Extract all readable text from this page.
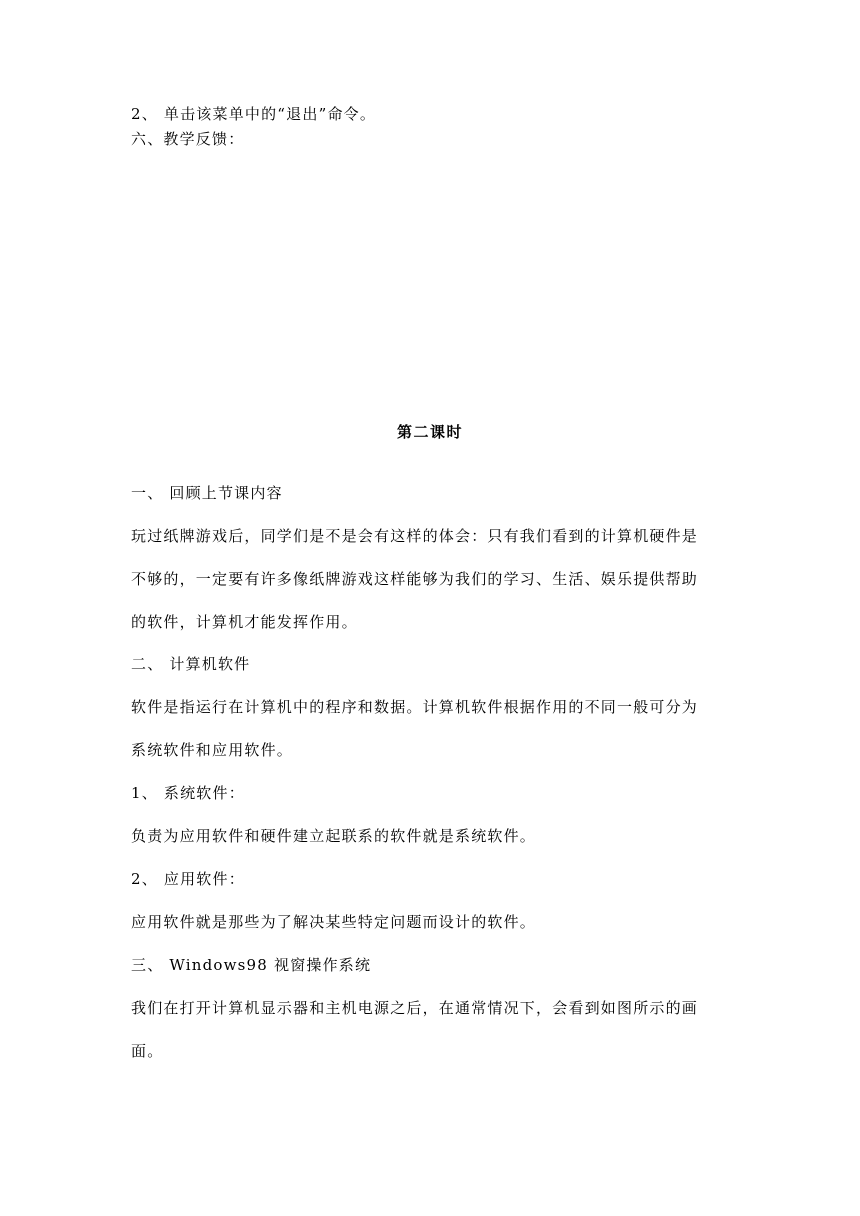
2、 单击该菜单中的“退出”命令。
六、教学反馈：
第二课时
一、 回顾上节课内容
玩过纸牌游戏后，同学们是不是会有这样的体会：只有我们看到的计算机硬件是
不够的，一定要有许多像纸牌游戏这样能够为我们的学习、生活、娱乐提供帮助
的软件，计算机才能发挥作用。
二、 计算机软件
软件是指运行在计算机中的程序和数据。计算机软件根据作用的不同一般可分为
系统软件和应用软件。
1、 系统软件：
负责为应用软件和硬件建立起联系的软件就是系统软件。
2、 应用软件：
应用软件就是那些为了解决某些特定问题而设计的软件。
三、 Windows98 视窗操作系统
我们在打开计算机显示器和主机电源之后，在通常情况下，会看到如图所示的画
面。
